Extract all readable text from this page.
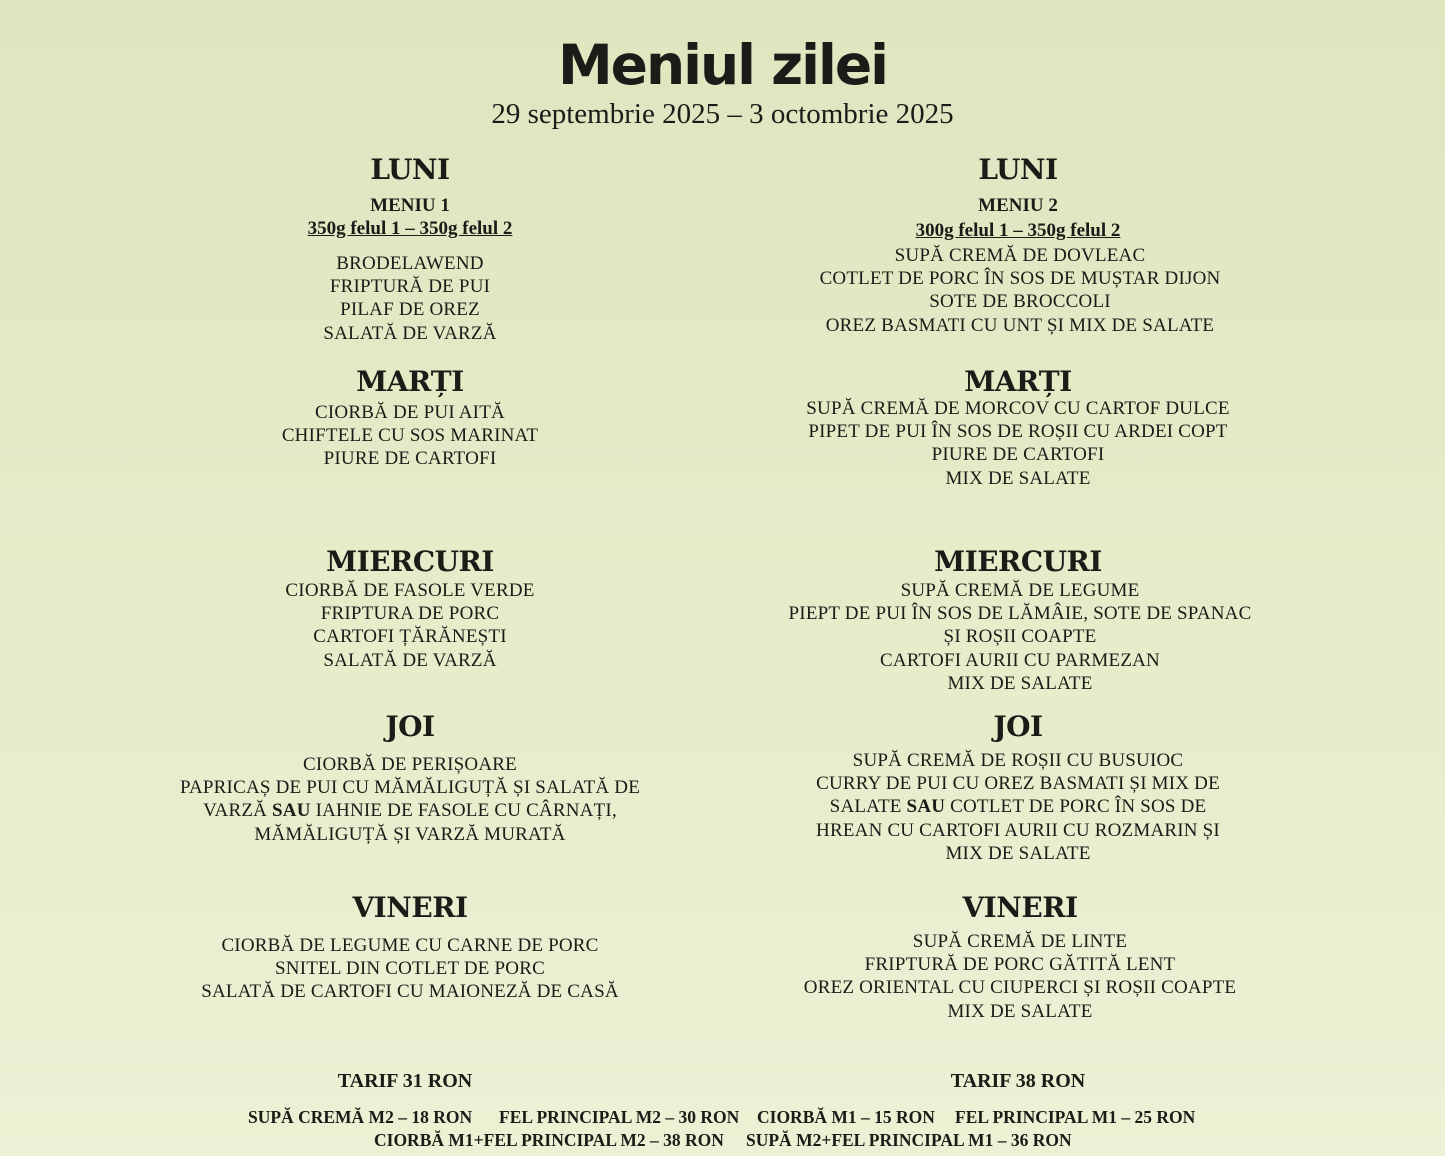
Meniul zilei
29 septembrie 2025 – 3 octombrie 2025
LUNI
MENIU 1
350g felul 1 – 350g felul 2
BRODELAWEND
FRIPTURĂ DE PUI
PILAF DE OREZ
SALATĂ DE VARZĂ
MARȚI
CIORBĂ DE PUI AITĂ
CHIFTELE CU SOS MARINAT
PIURE DE CARTOFI
MIERCURI
CIORBĂ DE FASOLE VERDE
FRIPTURA DE PORC
CARTOFI ȚĂRĂNEȘTI
SALATĂ DE VARZĂ
JOI
CIORBĂ DE PERIȘOARE
PAPRICAȘ DE PUI CU MĂMĂLIGUȚĂ ȘI SALATĂ DE
VARZĂ SAU IAHNIE DE FASOLE CU CÂRNAȚI,
MĂMĂLIGUȚĂ ȘI VARZĂ MURATĂ
VINERI
CIORBĂ DE LEGUME CU CARNE DE PORC
SNITEL DIN COTLET DE PORC
SALATĂ DE CARTOFI CU MAIONEZĂ DE CASĂ
TARIF 31 RON
LUNI
MENIU 2
300g felul 1 – 350g felul 2
SUPĂ CREMĂ DE DOVLEAC
COTLET DE PORC ÎN SOS DE MUȘTAR DIJON
SOTE DE BROCCOLI
OREZ BASMATI CU UNT ȘI MIX DE SALATE
MARȚI
SUPĂ CREMĂ DE MORCOV CU CARTOF DULCE
PIPET DE PUI ÎN SOS DE ROȘII CU ARDEI COPT
PIURE DE CARTOFI
MIX DE SALATE
MIERCURI
SUPĂ CREMĂ DE LEGUME
PIEPT DE PUI ÎN SOS DE LĂMÂIE, SOTE DE SPANAC
ȘI ROȘII COAPTE
CARTOFI AURII CU PARMEZAN
MIX DE SALATE
JOI
SUPĂ CREMĂ DE ROȘII CU BUSUIOC
CURRY DE PUI CU OREZ BASMATI ȘI MIX DE
SALATE SAU COTLET DE PORC ÎN SOS DE
HREAN CU CARTOFI AURII CU ROZMARIN ȘI
MIX DE SALATE
VINERI
SUPĂ CREMĂ DE LINTE
FRIPTURĂ DE PORC GĂTITĂ LENT
OREZ ORIENTAL CU CIUPERCI ȘI ROȘII COAPTE
MIX DE SALATE
TARIF 38 RON
SUPĂ CREMĂ M2 – 18 RON FEL PRINCIPAL M2 – 30 RON CIORBĂ M1 – 15 RON FEL PRINCIPAL M1 – 25 RON
CIORBĂ M1+FEL PRINCIPAL M2 – 38 RON SUPĂ M2+FEL PRINCIPAL M1 – 36 RON
